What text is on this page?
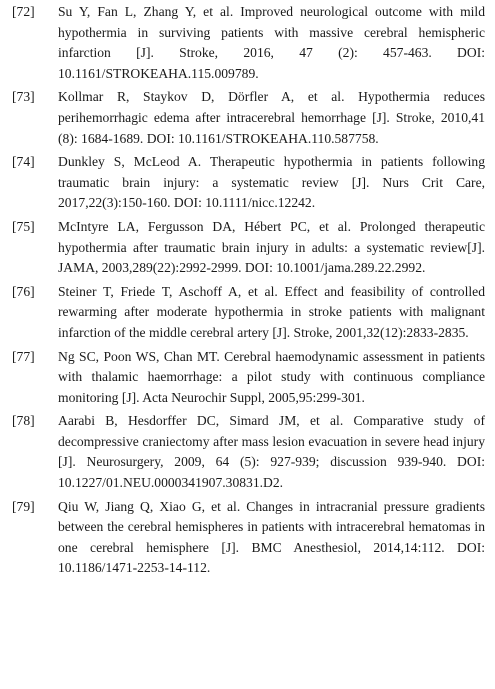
[72]	Su Y, Fan L, Zhang Y, et al. Improved neurological outcome with mild hypothermia in surviving patients with massive cerebral hemispheric infarction [J]. Stroke, 2016, 47 (2): 457-463. DOI: 10.1161/STROKEAHA.115.009789.
[73]	Kollmar R, Staykov D, Dörfler A, et al. Hypothermia reduces perihemorrhagic edema after intracerebral hemorrhage [J]. Stroke, 2010,41 (8): 1684-1689. DOI: 10.1161/STROKEAHA.110.587758.
[74]	Dunkley S, McLeod A. Therapeutic hypothermia in patients following traumatic brain injury: a systematic review [J]. Nurs Crit Care, 2017,22(3):150-160. DOI: 10.1111/nicc.12242.
[75]	McIntyre LA, Fergusson DA, Hébert PC, et al. Prolonged therapeutic hypothermia after traumatic brain injury in adults: a systematic review[J]. JAMA, 2003,289(22):2992-2999. DOI: 10.1001/jama.289.22.2992.
[76]	Steiner T, Friede T, Aschoff A, et al. Effect and feasibility of controlled rewarming after moderate hypothermia in stroke patients with malignant infarction of the middle cerebral artery [J]. Stroke, 2001,32(12):2833-2835.
[77]	Ng SC, Poon WS, Chan MT. Cerebral haemodynamic assessment in patients with thalamic haemorrhage: a pilot study with continuous compliance monitoring [J]. Acta Neurochir Suppl, 2005,95:299-301.
[78]	Aarabi B, Hesdorffer DC, Simard JM, et al. Comparative study of decompressive craniectomy after mass lesion evacuation in severe head injury [J]. Neurosurgery, 2009, 64 (5): 927-939; discussion 939-940. DOI: 10.1227/01.NEU.0000341907.30831.D2.
[79]	Qiu W, Jiang Q, Xiao G, et al. Changes in intracranial pressure gradients between the cerebral hemispheres in patients with intracerebral hematomas in one cerebral hemisphere [J]. BMC Anesthesiol, 2014,14:112. DOI: 10.1186/1471-2253-14-112.
